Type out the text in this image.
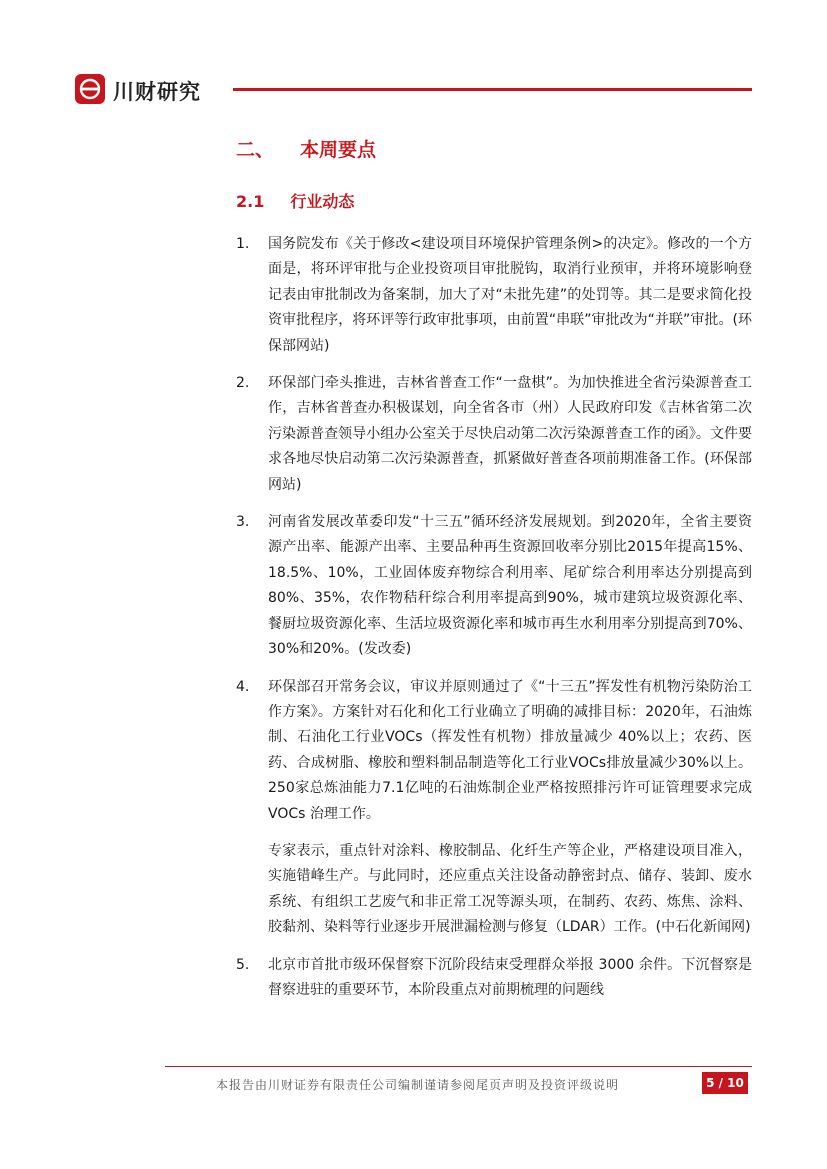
川财研究
二、 本周要点
2.1 行业动态
1.	国务院发布《关于修改<建设项目环境保护管理条例>的决定》。修改的一个方面是，将环评审批与企业投资项目审批脱钩，取消行业预审，并将环境影响登记表由审批制改为备案制，加大了对“未批先建”的处罚等。其二是要求简化投资审批程序，将环评等行政审批事项，由前置“串联”审批改为“并联”审批。(环保部网站)
2.	环保部门牵头推进，吉林省普查工作“一盘棋”。为加快推进全省污染源普查工作，吉林省普查办积极谋划，向全省各市（州）人民政府印发《吉林省第二次污染源普查领导小组办公室关于尽快启动第二次污染源普查工作的函》。文件要求各地尽快启动第二次污染源普查，抓紧做好普查各项前期准备工作。(环保部网站)
3.	河南省发展改革委印发“十三五”循环经济发展规划。到2020年，全省主要资源产出率、能源产出率、主要品种再生资源回收率分别比2015年提高15%、18.5%、10%，工业固体废弃物综合利用率、尾矿综合利用率达分别提高到80%、35%，农作物秸秆综合利用率提高到90%，城市建筑垃圾资源化率、餐厨垃圾资源化率、生活垃圾资源化率和城市再生水利用率分别提高到70%、30%和20%。(发改委)
4.	环保部召开常务会议，审议并原则通过了《“十三五”挥发性有机物污染防治工作方案》。方案针对石化和化工行业确立了明确的减排目标：2020年，石油炼制、石油化工行业VOCs（挥发性有机物）排放量减少 40%以上；农药、医药、合成树脂、橡胶和塑料制品制造等化工行业VOCs排放量减少30%以上。250家总炼油能力7.1亿吨的石油炼制企业严格按照排污许可证管理要求完成 VOCs 治理工作。
专家表示，重点针对涂料、橡胶制品、化纤生产等企业，严格建设项目准入，实施错峰生产。与此同时，还应重点关注设备动静密封点、储存、装卸、废水系统、有组织工艺废气和非正常工况等源头项，在制药、农药、炼焦、涂料、胶黏剂、染料等行业逐步开展泄漏检测与修复（LDAR）工作。(中石化新闻网)
5.	北京市首批市级环保督察下沉阶段结束受理群众举报 3000 余件。下沉督察是督察进驻的重要环节，本阶段重点对前期梳理的问题线
本报告由川财证券有限责任公司编制谨请参阅尾页声明及投资评级说明	5 / 10
